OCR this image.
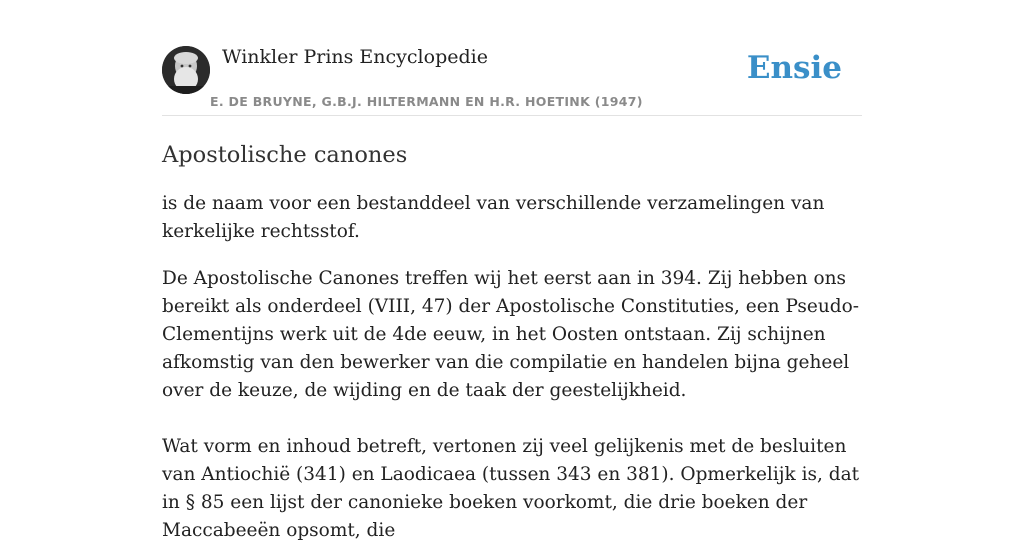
Winkler Prins Encyclopedie
E. DE BRUYNE, G.B.J. HILTERMANN EN H.R. HOETINK (1947)
Ensie
Apostolische canones

is de naam voor een bestanddeel van verschillende verzamelingen van kerkelijke rechtsstof.

De Apostolische Canones treffen wij het eerst aan in 394. Zij hebben ons bereikt als onderdeel (VIII, 47) der Apostolische Constituties, een Pseudo-Clementijns werk uit de 4de eeuw, in het Oosten ontstaan. Zij schijnen afkomstig van den bewerker van die compilatie en handelen bijna geheel over de keuze, de wijding en de taak der geestelijkheid.

Wat vorm en inhoud betreft, vertonen zij veel gelijkenis met de besluiten van Antiochië (341) en Laodicaea (tussen 343 en 381). Opmerkelijk is, dat in § 85 een lijst der canonieke boeken voorkomt, die drie boeken der Maccabeeën opsomt, die
